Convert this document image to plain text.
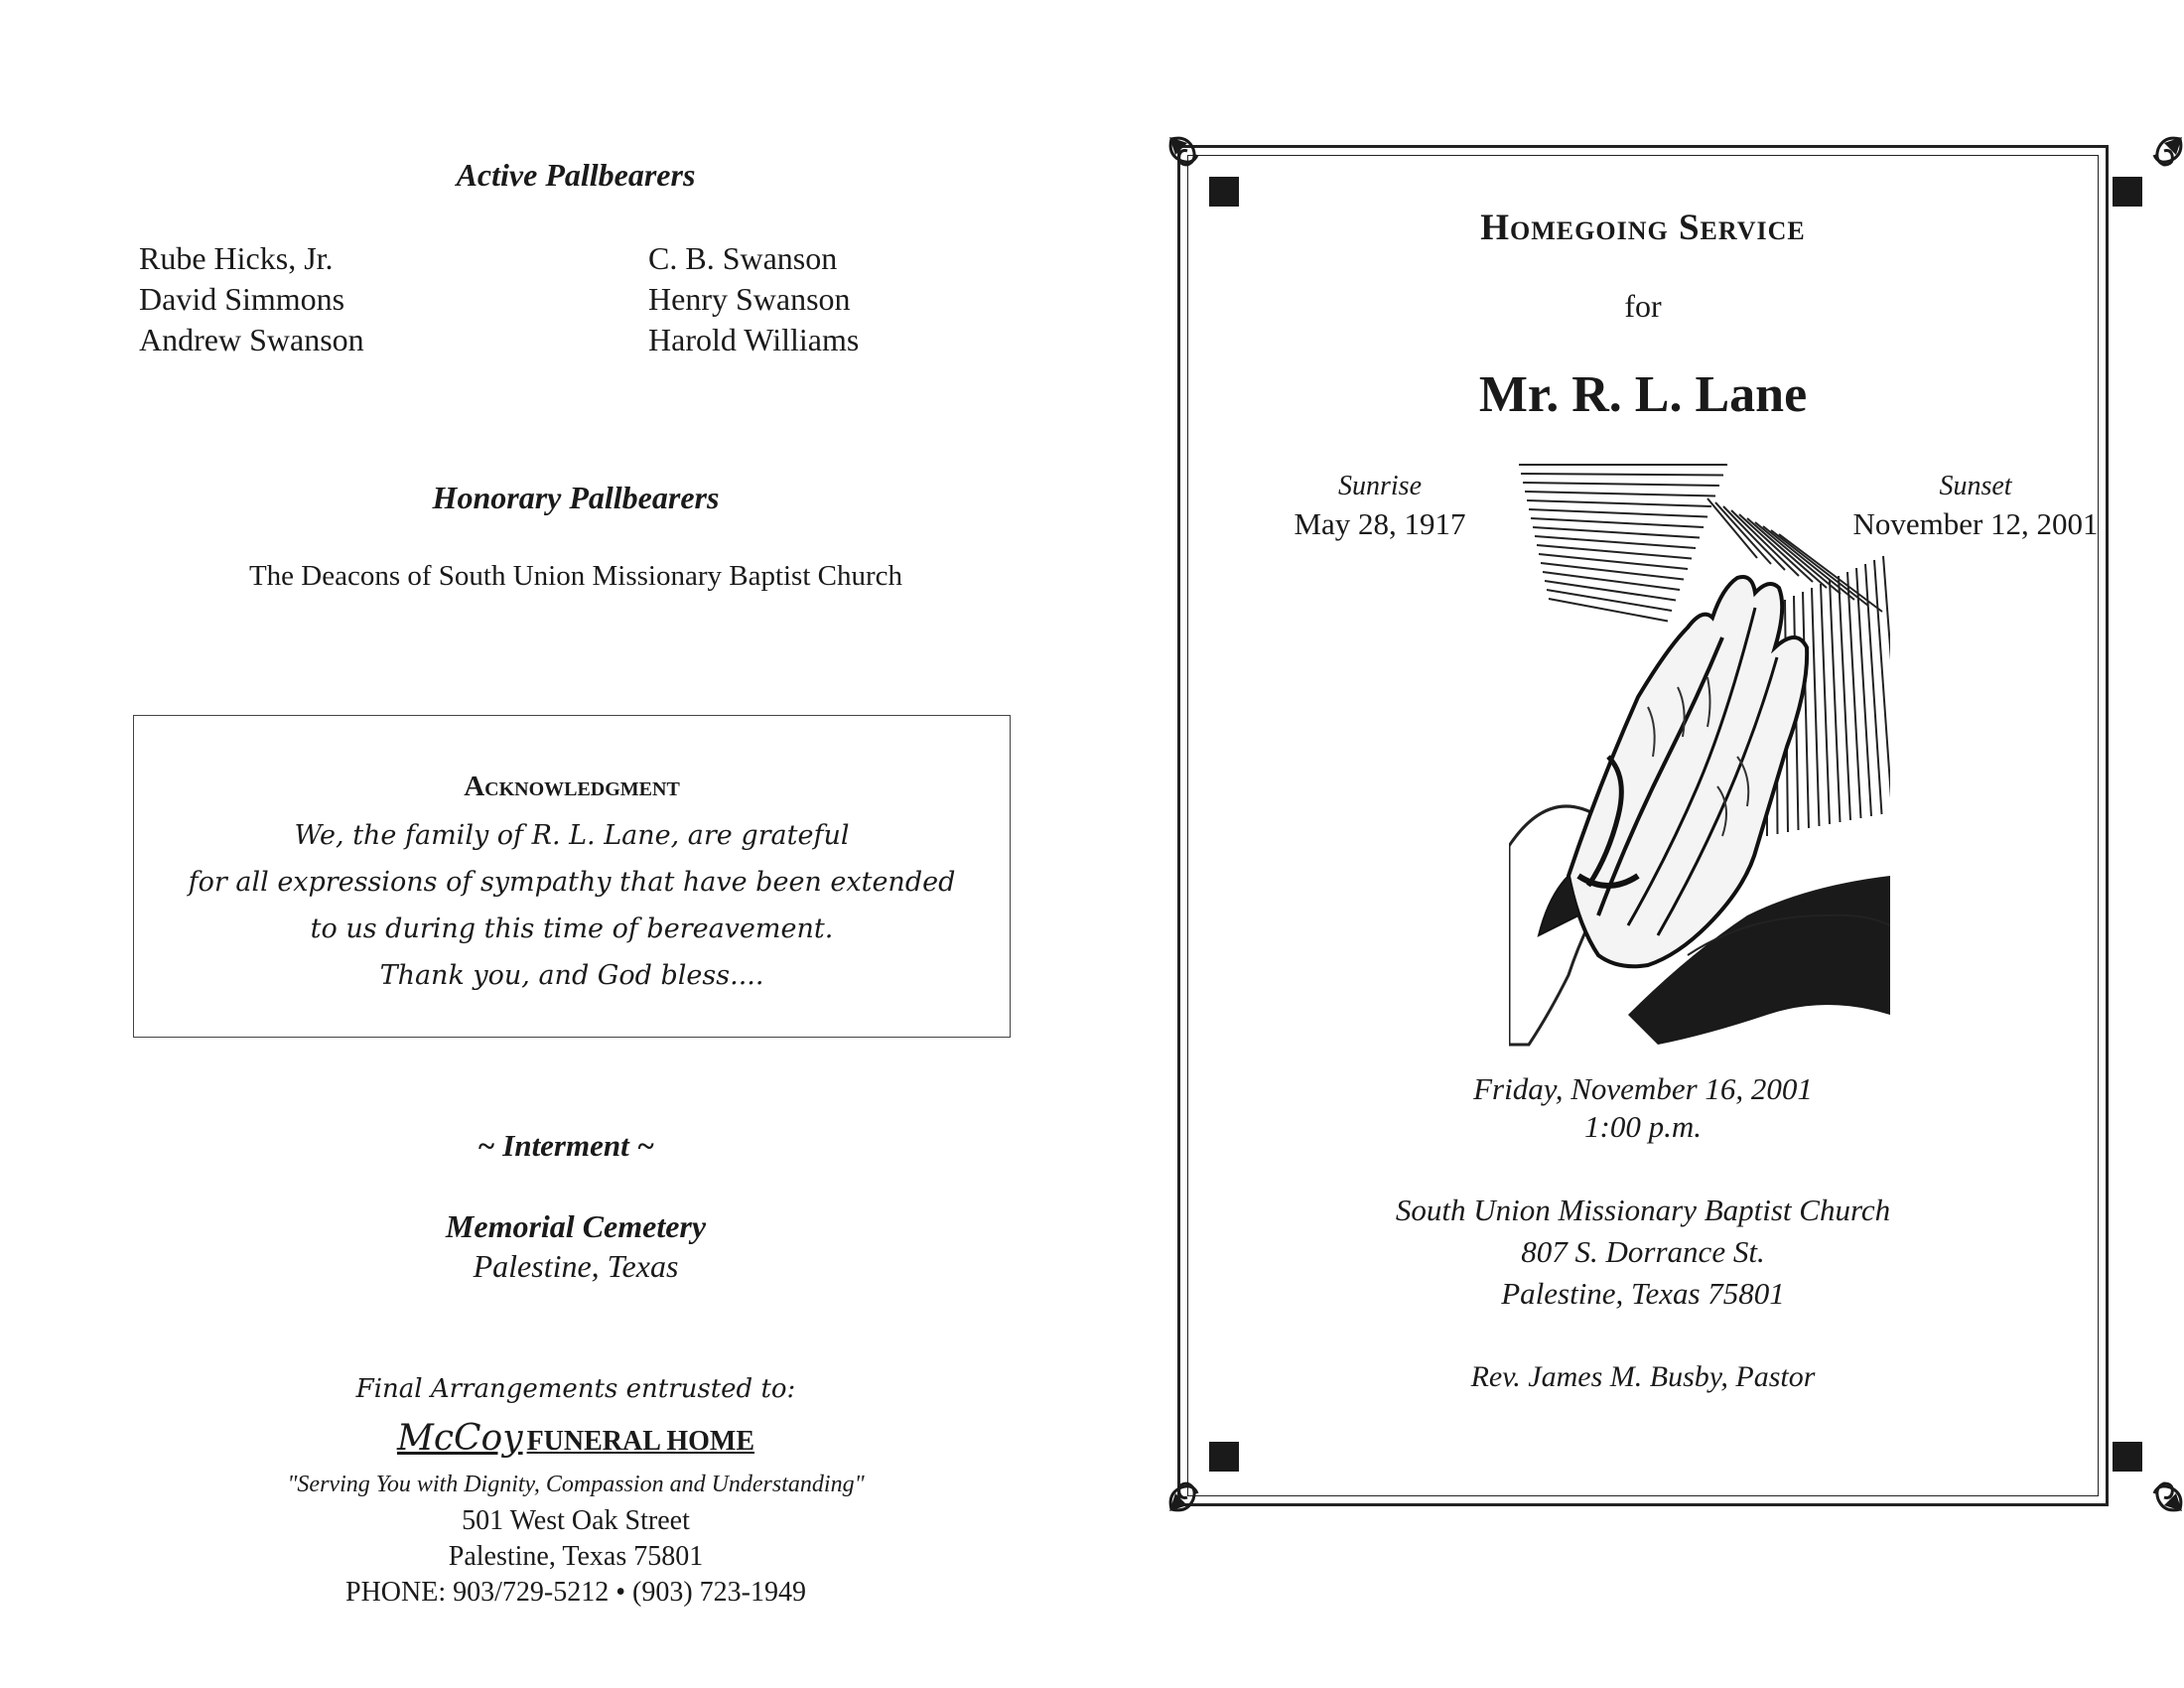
Active Pallbearers
Rube Hicks, Jr.
David Simmons
Andrew Swanson
C. B. Swanson
Henry Swanson
Harold Williams
Honorary Pallbearers
The Deacons of South Union Missionary Baptist Church
Acknowledgment
We, the family of R. L. Lane, are grateful
for all expressions of sympathy that have been extended
to us during this time of bereavement.
Thank you, and God bless....
~ Interment ~
Memorial Cemetery
Palestine, Texas
Final Arrangements entrusted to:
McCoy FUNERAL HOME
"Serving You with Dignity, Compassion and Understanding"
501 West Oak Street
Palestine, Texas 75801
PHONE: 903/729-5212 • (903) 723-1949
Homegoing Service
for
Mr. R. L. Lane
Sunrise
May 28, 1917
Sunset
November 12, 2001
Friday, November 16, 2001
1:00 p.m.
South Union Missionary Baptist Church
807 S. Dorrance St.
Palestine, Texas 75801
Rev. James M. Busby, Pastor
